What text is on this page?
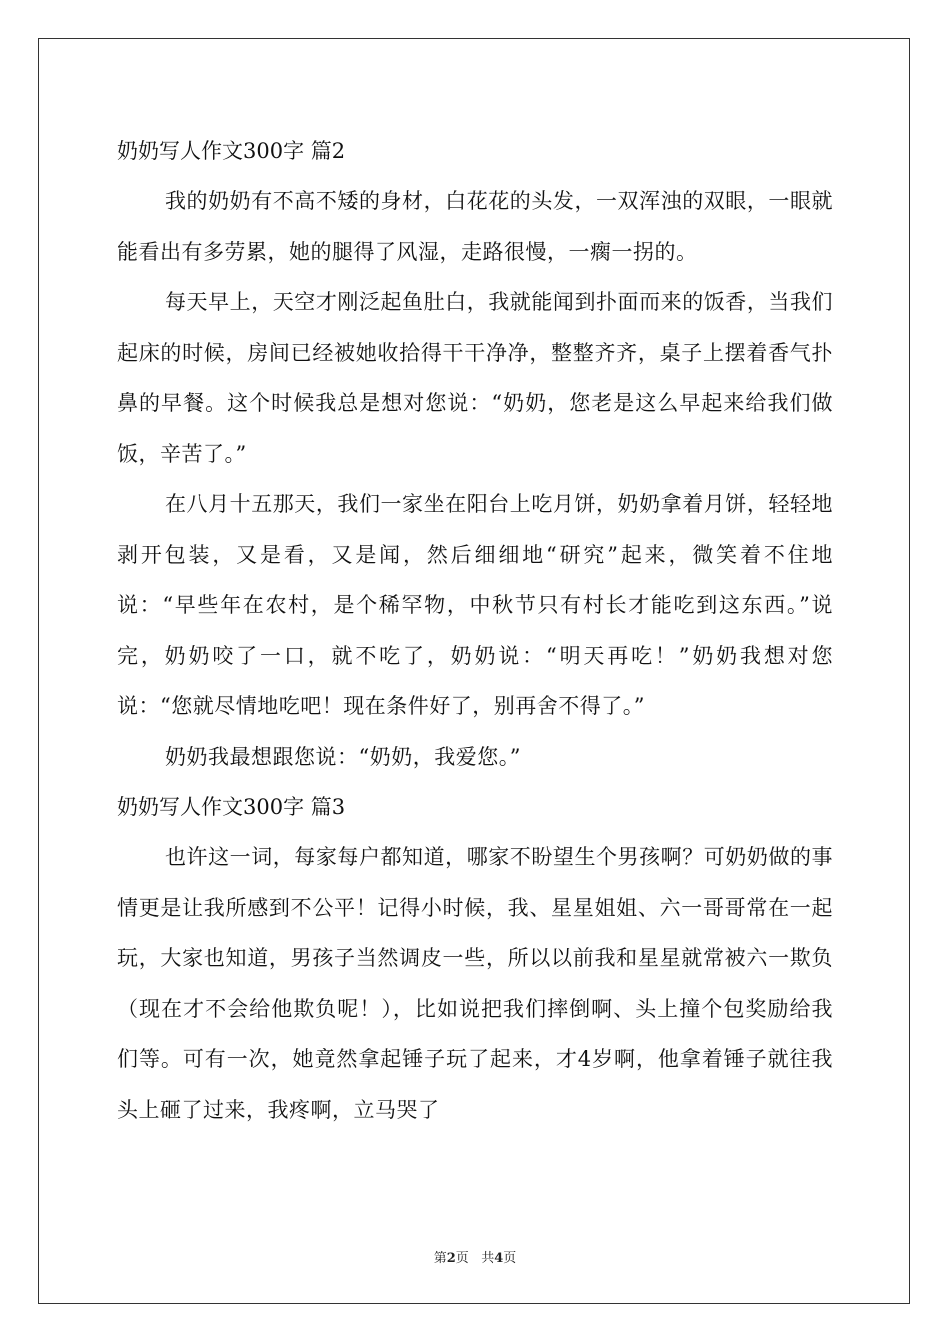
奶奶写人作文300字 篇2

我的奶奶有不高不矮的身材，白花花的头发，一双浑浊的双眼，一眼就能看出有多劳累，她的腿得了风湿，走路很慢，一瘸一拐的。

每天早上，天空才刚泛起鱼肚白，我就能闻到扑面而来的饭香，当我们起床的时候，房间已经被她收拾得干干净净，整整齐齐，桌子上摆着香气扑鼻的早餐。这个时候我总是想对您说：“奶奶，您老是这么早起来给我们做饭，辛苦了。”

在八月十五那天，我们一家坐在阳台上吃月饼，奶奶拿着月饼，轻轻地剥开包装，又是看，又是闻，然后细细地“研究”起来，微笑着不住地说：“早些年在农村，是个稀罕物，中秋节只有村长才能吃到这东西。”说完，奶奶咬了一口，就不吃了，奶奶说：“明天再吃！”奶奶我想对您说：“您就尽情地吃吧！现在条件好了，别再舍不得了。”

奶奶我最想跟您说：“奶奶，我爱您。”

奶奶写人作文300字 篇3

也许这一词，每家每户都知道，哪家不盼望生个男孩啊？可奶奶做的事情更是让我所感到不公平！记得小时候，我、星星姐姐、六一哥哥常在一起玩，大家也知道，男孩子当然调皮一些，所以以前我和星星就常被六一欺负（现在才不会给他欺负呢！），比如说把我们摔倒啊、头上撞个包奖励给我们等。可有一次，她竟然拿起锤子玩了起来，才4岁啊，他拿着锤子就往我头上砸了过来，我疼啊，立马哭了

第2页 共4页
